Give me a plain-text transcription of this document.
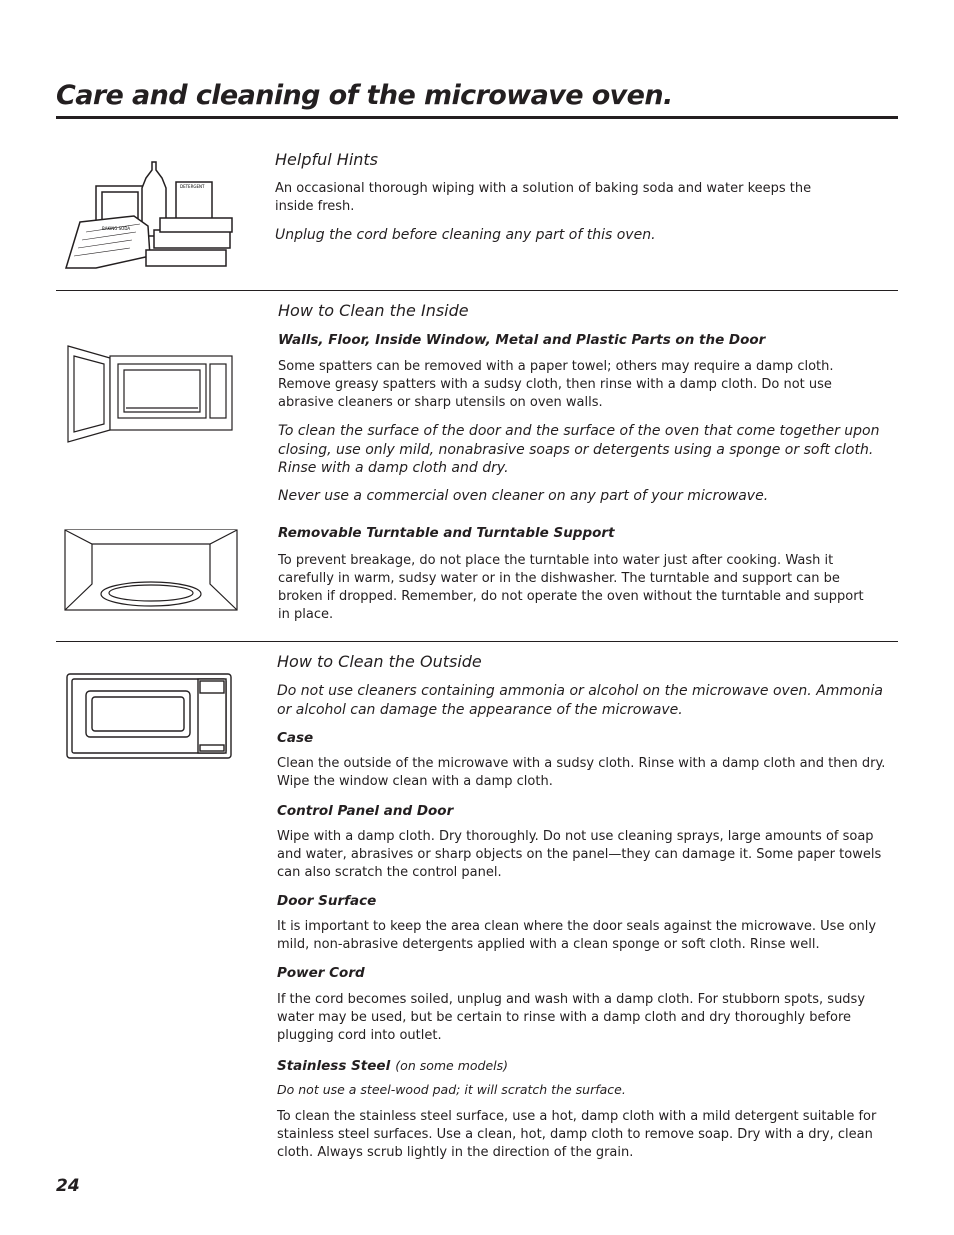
Care and cleaning of the microwave oven.
BAKING SODA
DETERGENT
Helpful Hints
An occasional thorough wiping with a solution of baking soda and water keeps the inside fresh.
Unplug the cord before cleaning any part of this oven.
How to Clean the Inside
Walls, Floor, Inside Window, Metal and Plastic Parts on the Door
Some spatters can be removed with a paper towel; others may require a damp cloth. Remove greasy spatters with a sudsy cloth, then rinse with a damp cloth. Do not use abrasive cleaners or sharp utensils on oven walls.
To clean the surface of the door and the surface of the oven that come together upon closing, use only mild, nonabrasive soaps or detergents using a sponge or soft cloth. Rinse with a damp cloth and dry.
Never use a commercial oven cleaner on any part of your microwave.
Removable Turntable and Turntable Support
To prevent breakage, do not place the turntable into water just after cooking. Wash it carefully in warm, sudsy water or in the dishwasher. The turntable and support can be broken if dropped. Remember, do not operate the oven without the turntable and support in place.
How to Clean the Outside
Do not use cleaners containing ammonia or alcohol on the microwave oven. Ammonia or alcohol can damage the appearance of the microwave.
Case
Clean the outside of the microwave with a sudsy cloth. Rinse with a damp cloth and then dry. Wipe the window clean with a damp cloth.
Control Panel and Door
Wipe with a damp cloth. Dry thoroughly. Do not use cleaning sprays, large amounts of soap and water, abrasives or sharp objects on the panel—they can damage it. Some paper towels can also scratch the control panel.
Door Surface
It is important to keep the area clean where the door seals against the microwave. Use only mild, non-abrasive detergents applied with a clean sponge or soft cloth. Rinse well.
Power Cord
If the cord becomes soiled, unplug and wash with a damp cloth. For stubborn spots, sudsy water may be used, but be certain to rinse with a damp cloth and dry thoroughly before plugging cord into outlet.
Stainless Steel (on some models)
Do not use a steel-wood pad; it will scratch the surface.
To clean the stainless steel surface, use a hot, damp cloth with a mild detergent suitable for stainless steel surfaces. Use a clean, hot, damp cloth to remove soap. Dry with a dry, clean cloth. Always scrub lightly in the direction of the grain.
24
